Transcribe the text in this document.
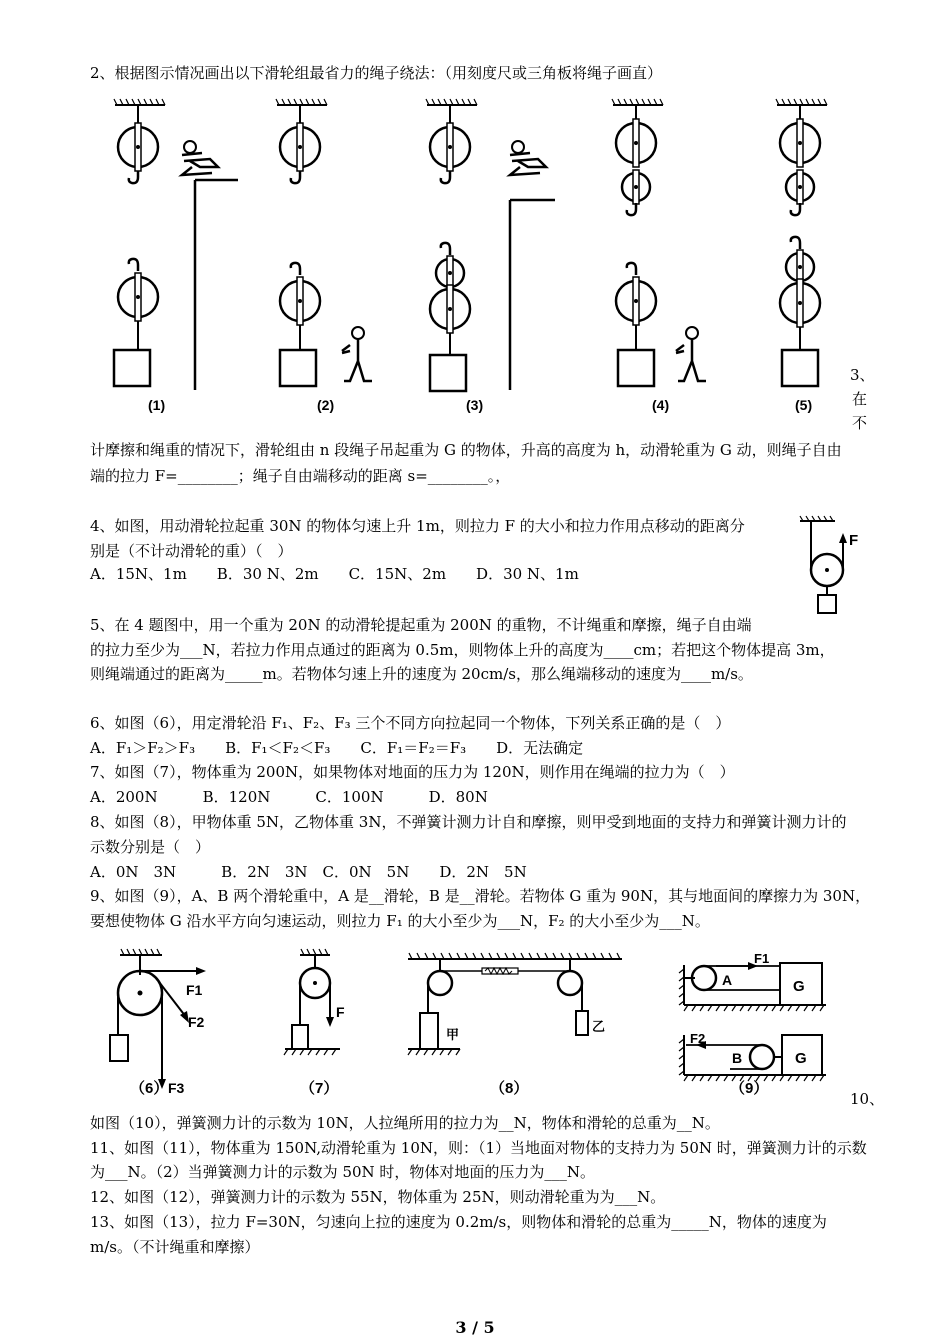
2、根据图示情况画出以下滑轮组最省力的绳子绕法：（用刻度尺或三角板将绳子画直）
(1)	(2)	(3)	(4)	(5)
3、
在
不
计摩擦和绳重的情况下，滑轮组由 n 段绳子吊起重为 G 的物体，升高的高度为 h，动滑轮重为 G 动，则绳子自由
端的拉力 F=________；绳子自由端移动的距离 s=________。，
4、如图，用动滑轮拉起重 30N 的物体匀速上升 1m，则拉力 F 的大小和拉力作用点移动的距离分
别是（不计动滑轮的重）（　）
A．15N、1m　　B．30 N、2m　　C．15N、2m　　D．30 N、1m
F
5、在 4 题图中，用一个重为 20N 的动滑轮提起重为 200N 的重物，不计绳重和摩擦，绳子自由端
的拉力至少为___N，若拉力作用点通过的距离为 0.5m，则物体上升的高度为____cm；若把这个物体提高 3m，
则绳端通过的距离为_____m。若物体匀速上升的速度为 20cm/s，那么绳端移动的速度为____m/s。
6、如图（6），用定滑轮沿 F₁、F₂、F₃ 三个不同方向拉起同一个物体，下列关系正确的是（　）
A．F₁＞F₂＞F₃　　B．F₁＜F₂＜F₃　　C．F₁＝F₂＝F₃　　D．无法确定
7、如图（7），物体重为 200N，如果物体对地面的压力为 120N，则作用在绳端的拉力为（　）
A．200N　　　B．120N　　　C．100N　　　D．80N
8、如图（8），甲物体重 5N，乙物体重 3N，不弹簧计测力计自和摩擦，则甲受到地面的支持力和弹簧计测力计的
示数分别是（　）
A．0N　3N　　　B．2N　3N　C．0N　5N　　D．2N　5N
9、如图（9），A、B 两个滑轮重中，A 是__滑轮，B 是__滑轮。若物体 G 重为 90N，其与地面间的摩擦力为 30N，
要想使物体 G 沿水平方向匀速运动，则拉力 F₁ 的大小至少为___N，F₂ 的大小至少为___N。
F1
F2
F3
F
甲
乙
A
F1
G
F2
B	G
（6）	（7）	（8）	（9）
10、
如图（10），弹簧测力计的示数为 10N，人拉绳所用的拉力为__N，物体和滑轮的总重为__N。
11、如图（11），物体重为 150N,动滑轮重为 10N，则：（1）当地面对物体的支持力为 50N 时，弹簧测力计的示数
为___N。（2）当弹簧测力计的示数为 50N 时，物体对地面的压力为___N。
12、如图（12），弹簧测力计的示数为 55N，物体重为 25N，则动滑轮重为为___N。
13、如图（13），拉力 F=30N，匀速向上拉的速度为 0.2m/s，则物体和滑轮的总重为_____N，物体的速度为
m/s。（不计绳重和摩擦）
3 / 5
